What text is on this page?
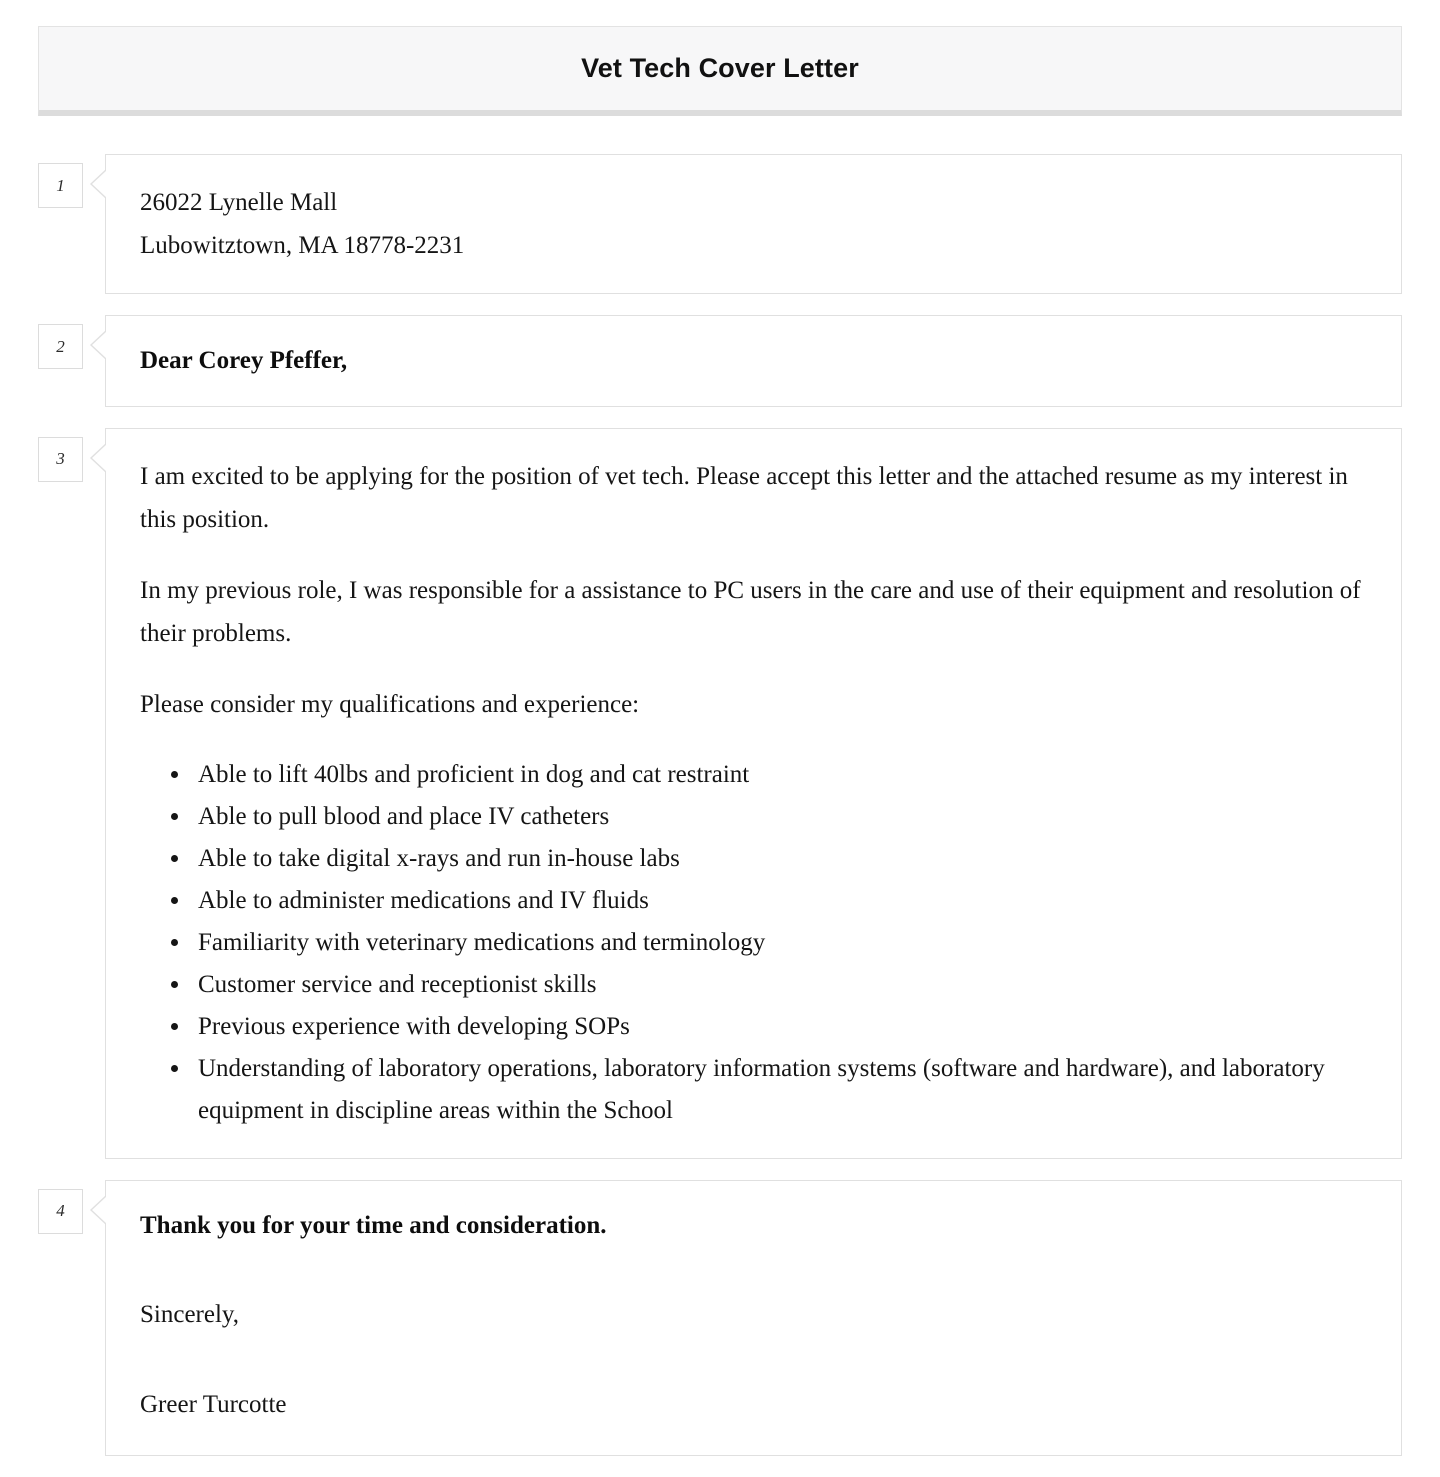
Vet Tech Cover Letter
1
26022 Lynelle Mall
Lubowitztown, MA 18778-2231
2
Dear Corey Pfeffer,
3

I am excited to be applying for the position of vet tech. Please accept this letter and the attached resume as my interest in this position.

In my previous role, I was responsible for a assistance to PC users in the care and use of their equipment and resolution of their problems.

Please consider my qualifications and experience:

• Able to lift 40lbs and proficient in dog and cat restraint
• Able to pull blood and place IV catheters
• Able to take digital x-rays and run in-house labs
• Able to administer medications and IV fluids
• Familiarity with veterinary medications and terminology
• Customer service and receptionist skills
• Previous experience with developing SOPs
• Understanding of laboratory operations, laboratory information systems (software and hardware), and laboratory equipment in discipline areas within the School
4
Thank you for your time and consideration.
Sincerely,
Greer Turcotte
